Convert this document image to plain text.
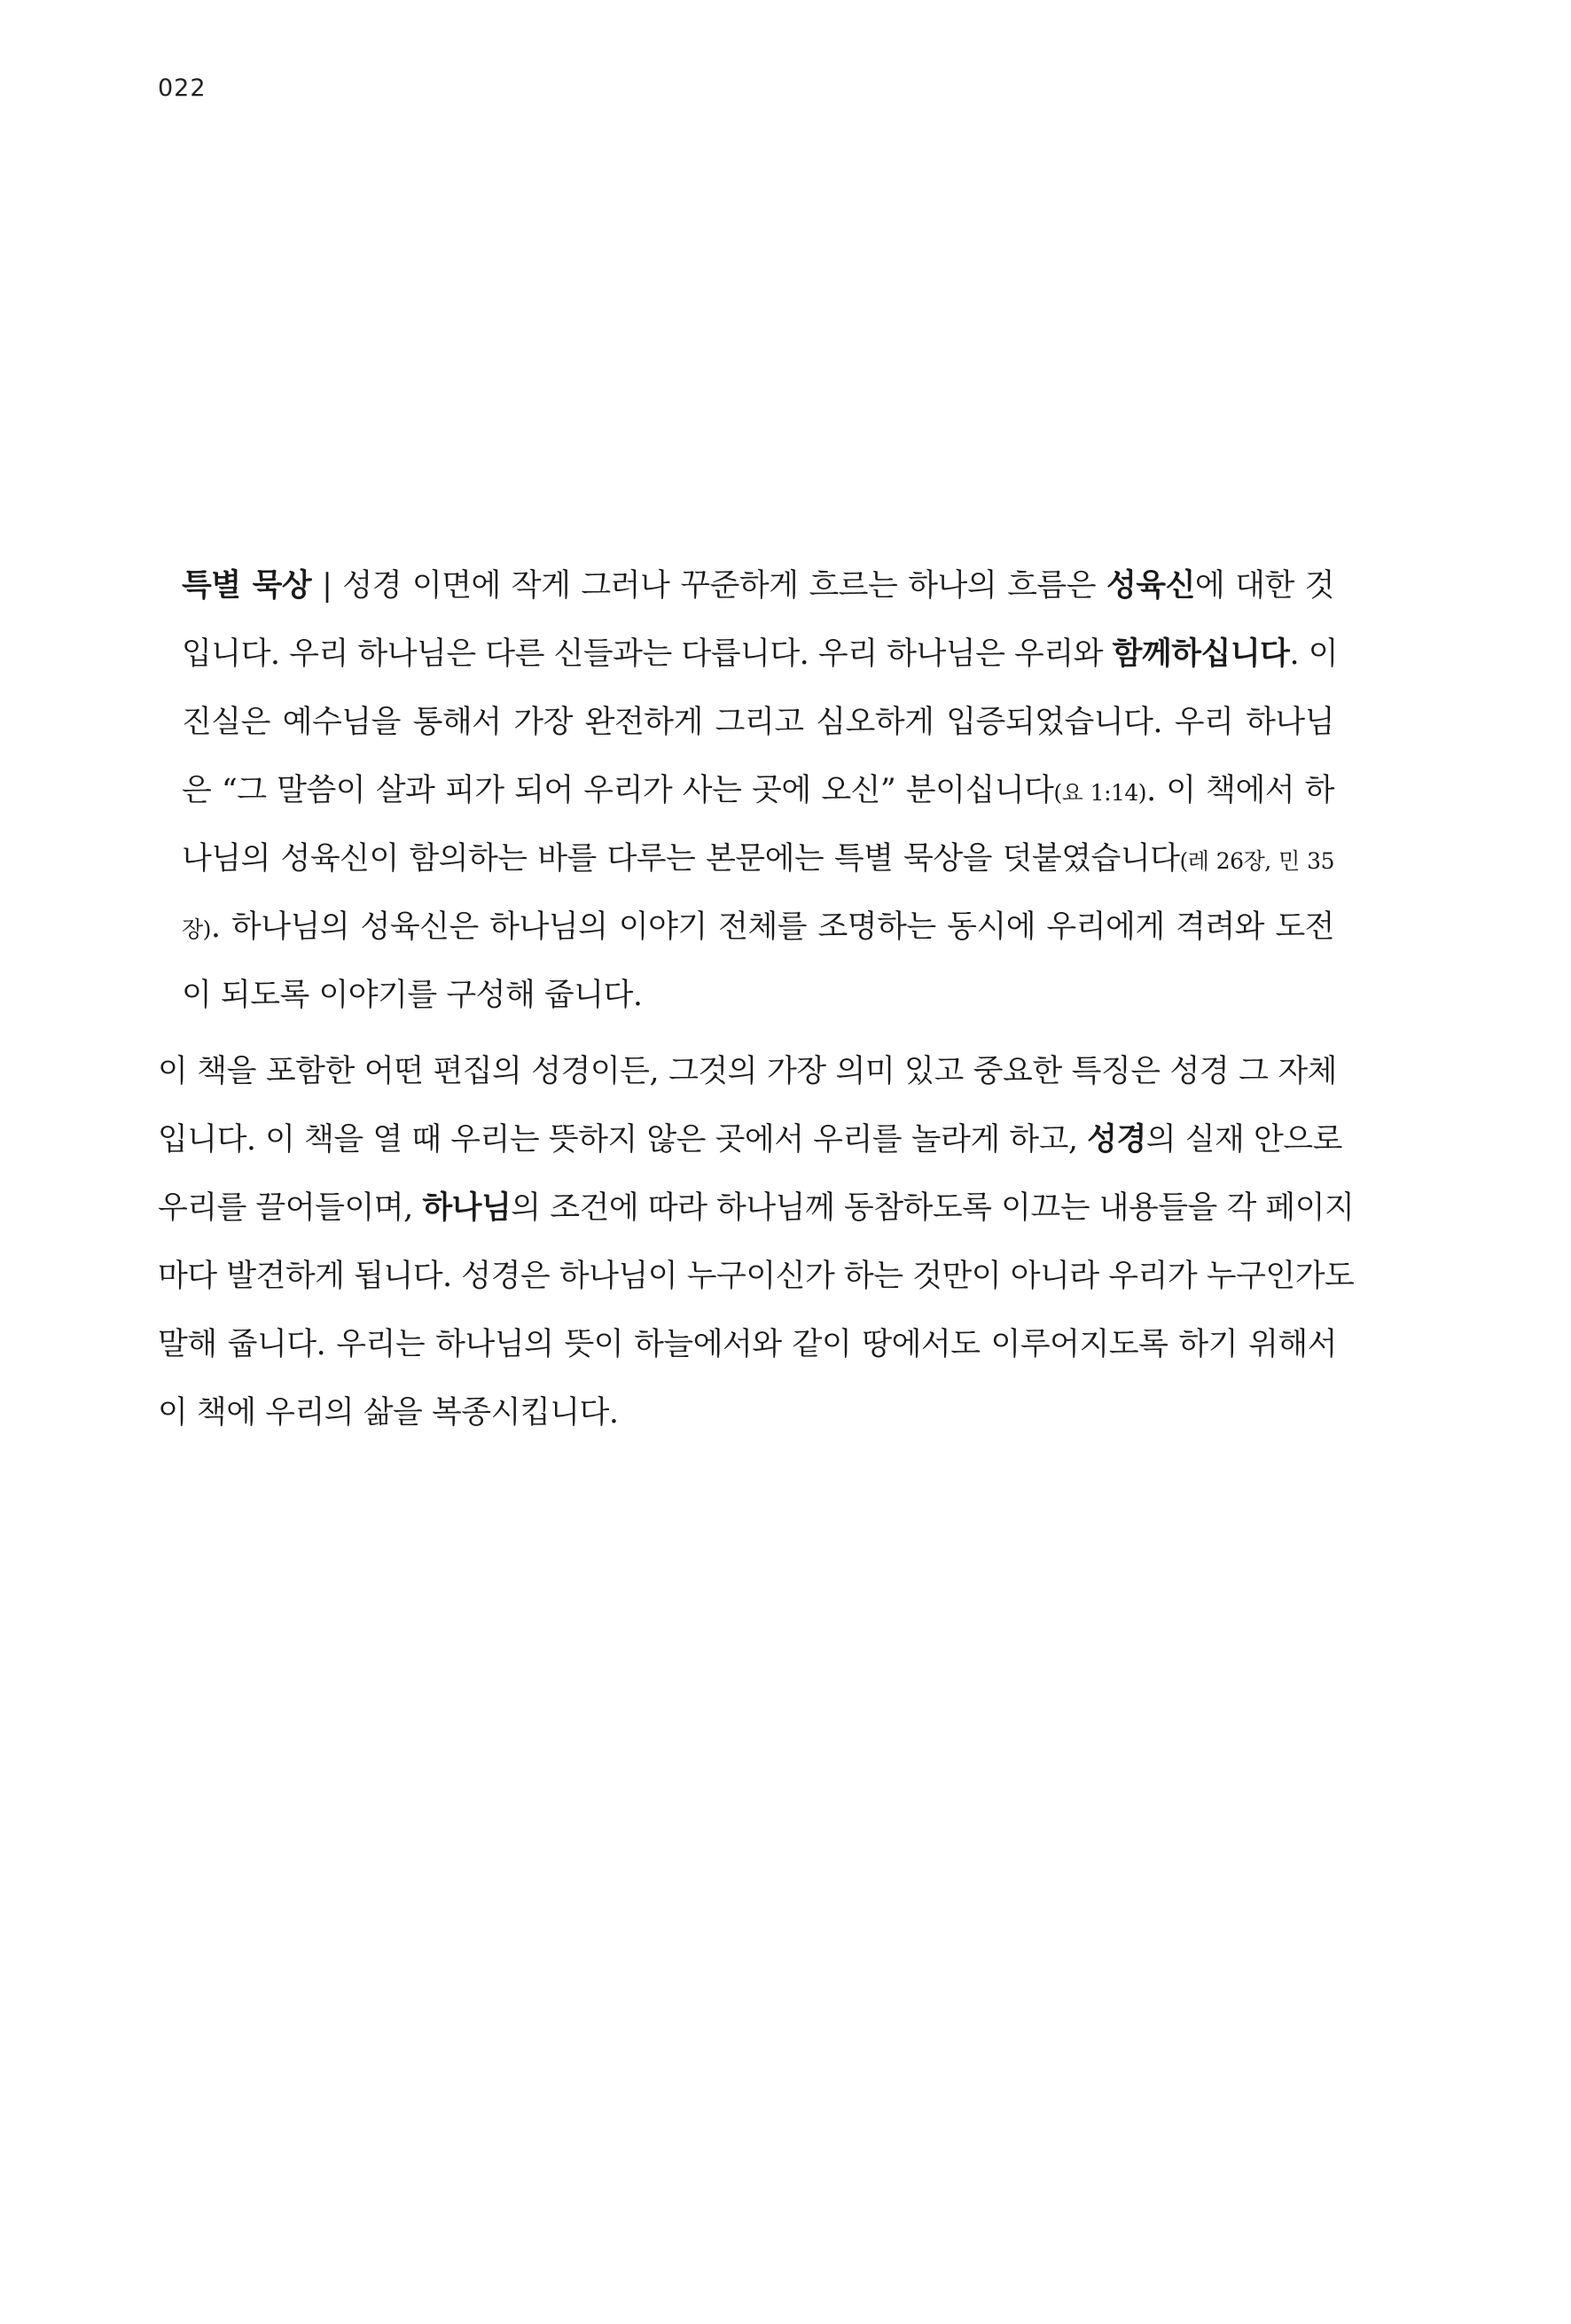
022
특별 묵상 | 성경 이면에 작게 그러나 꾸준하게 흐르는 하나의 흐름은 성육신에 대한 것
입니다. 우리 하나님은 다른 신들과는 다릅니다. 우리 하나님은 우리와 함께하십니다. 이
진실은 예수님을 통해서 가장 완전하게 그리고 심오하게 입증되었습니다. 우리 하나님
은 “그 말씀이 살과 피가 되어 우리가 사는 곳에 오신” 분이십니다(요 1:14). 이 책에서 하
나님의 성육신이 함의하는 바를 다루는 본문에는 특별 묵상을 덧붙였습니다(레 26장, 민 35
장). 하나님의 성육신은 하나님의 이야기 전체를 조명하는 동시에 우리에게 격려와 도전
이 되도록 이야기를 구성해 줍니다.
이 책을 포함한 어떤 편집의 성경이든, 그것의 가장 의미 있고 중요한 특징은 성경 그 자체
입니다. 이 책을 열 때 우리는 뜻하지 않은 곳에서 우리를 놀라게 하고, 성경의 실재 안으로
우리를 끌어들이며, 하나님의 조건에 따라 하나님께 동참하도록 이끄는 내용들을 각 페이지
마다 발견하게 됩니다. 성경은 하나님이 누구이신가 하는 것만이 아니라 우리가 누구인가도
말해 줍니다. 우리는 하나님의 뜻이 하늘에서와 같이 땅에서도 이루어지도록 하기 위해서
이 책에 우리의 삶을 복종시킵니다.
